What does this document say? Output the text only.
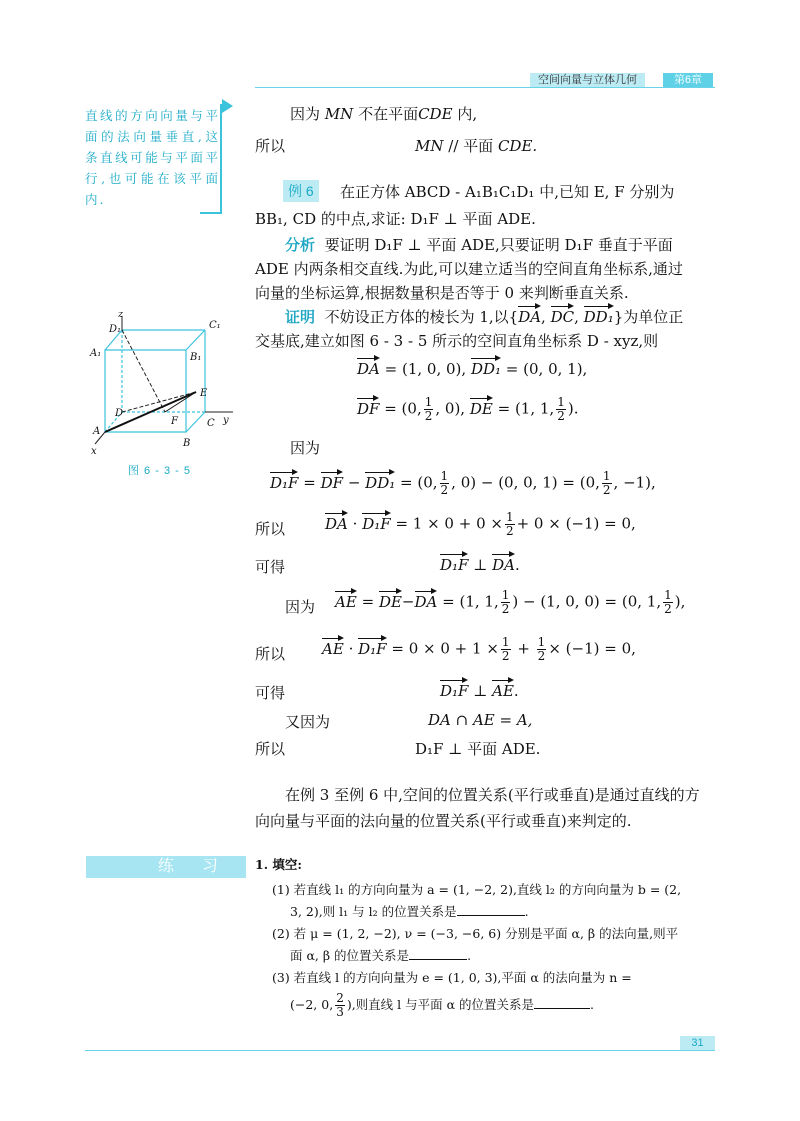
空间向量与立体几何	第6章
直线的方向向量与平面的法向量垂直,这条直线可能与平面平行,也可能在该平面内.
因为 MN 不在平面CDE 内,
所以	MN // 平面 CDE.
例 6	在正方体 ABCD - A₁B₁C₁D₁ 中,已知 E, F 分别为
BB₁, CD 的中点,求证: D₁F ⊥ 平面 ADE.
分析 要证明 D₁F ⊥ 平面 ADE,只要证明 D₁F 垂直于平面
ADE 内两条相交直线.为此,可以建立适当的空间直角坐标系,通过
向量的坐标运算,根据数量积是否等于 0 来判断垂直关系.
证明 不妨设正方体的棱长为 1,以{DA, DC, DD₁}为单位正
交基底,建立如图 6 - 3 - 5 所示的空间直角坐标系 D - xyz,则
DA = (1, 0, 0), DD₁ = (0, 0, 1),
DF = (0, $\frac{1}{2}$ , 0), DE = (1, 1, $\frac{1}{2}$ ).
因为
D₁F = DF − DD₁ = (0, $\frac{1}{2}$ , 0) − (0, 0, 1) = (0, $\frac{1}{2}$ , −1),
所以	DA · $D_1F = 1 \times 0 + 0 \times \frac{1}{2} + 0 \times (-1) = 0$,
可得	D₁F ⊥ DA.
因为 AE = DE−DA = (1, 1, $\frac{1}{2}$ ) − (1, 0, 0) = (0, 1, $\frac{1}{2}$ ),
所以 AE · $D_1F = 0 \times 0 + 1 \times \frac{1}{2} + \frac{1}{2} \times (-1) = 0$,
可得	D₁F ⊥ AE.
又因为	DA ∩ AE = A,
所以	D₁F ⊥ 平面 ADE.
在例 3 至例 6 中,空间的位置关系(平行或垂直)是通过直线的方
向向量与平面的法向量的位置关系(平行或垂直)来判定的.
z
D₁	C₁
A₁	B₁
E
D
F	C y
A
B
x
图 6 - 3 - 5
练习 1. 填空:
(1) 若直线 l₁ 的方向向量为 a = (1, −2, 2),直线 l₂ 的方向向量为 b = (2,
3, 2),则 l₁ 与 l₂ 的位置关系是	.
(2) 若 μ = (1, 2, −2), ν = (−3, −6, 6) 分别是平面 α, β 的法向量,则平
面 α, β 的位置关系是	.
(3) 若直线 l 的方向向量为 e = (1, 0, 3),平面 α 的法向量为 n =
(−2, 0, $\frac{2}{3}$ ),则直线 l 与平面 α 的位置关系是	.
31
